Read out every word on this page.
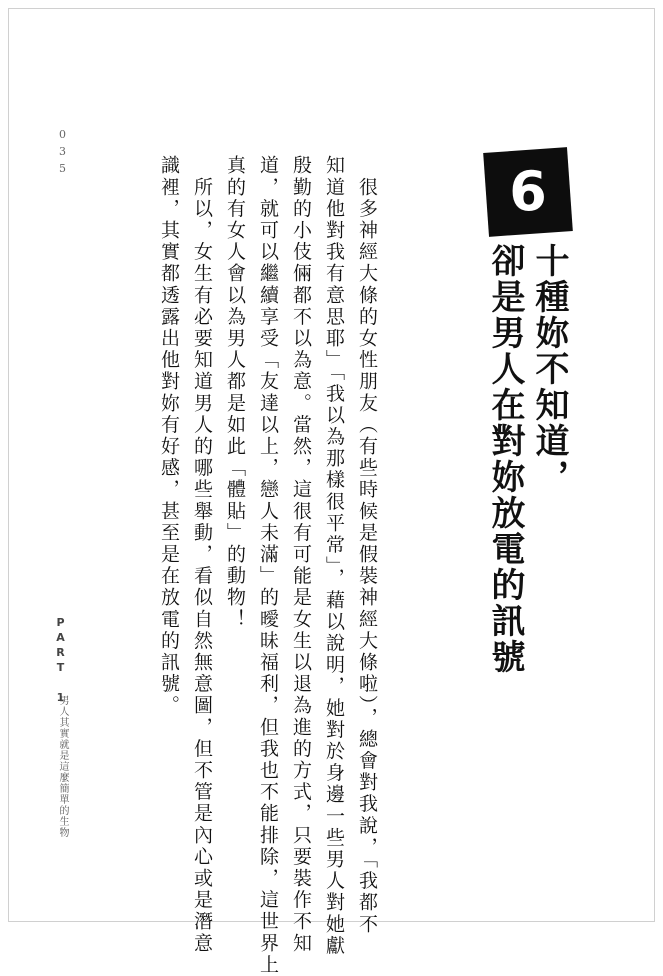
6
十種妳不知道，
卻是男人在對妳放電的訊號
　很多神經大條的女性朋友（有些時候是假裝神經大條啦），總會對我說，「我都不
知道他對我有意思耶」「我以為那樣很平常」，藉以說明，她對於身邊一些男人對她獻
殷勤的小伎倆都不以為意。當然，這很有可能是女生以退為進的方式，只要裝作不知
道，就可以繼續享受「友達以上，戀人未滿」的曖昧福利，但我也不能排除，這世界上
真的有女人會以為男人都是如此「體貼」的動物！
　所以，女生有必要知道男人的哪些舉動，看似自然無意圖，但不管是內心或是潛意
識裡，其實都透露出他對妳有好感，甚至是在放電的訊號。
035
PART 1
男人其實就是這麼簡單的生物
